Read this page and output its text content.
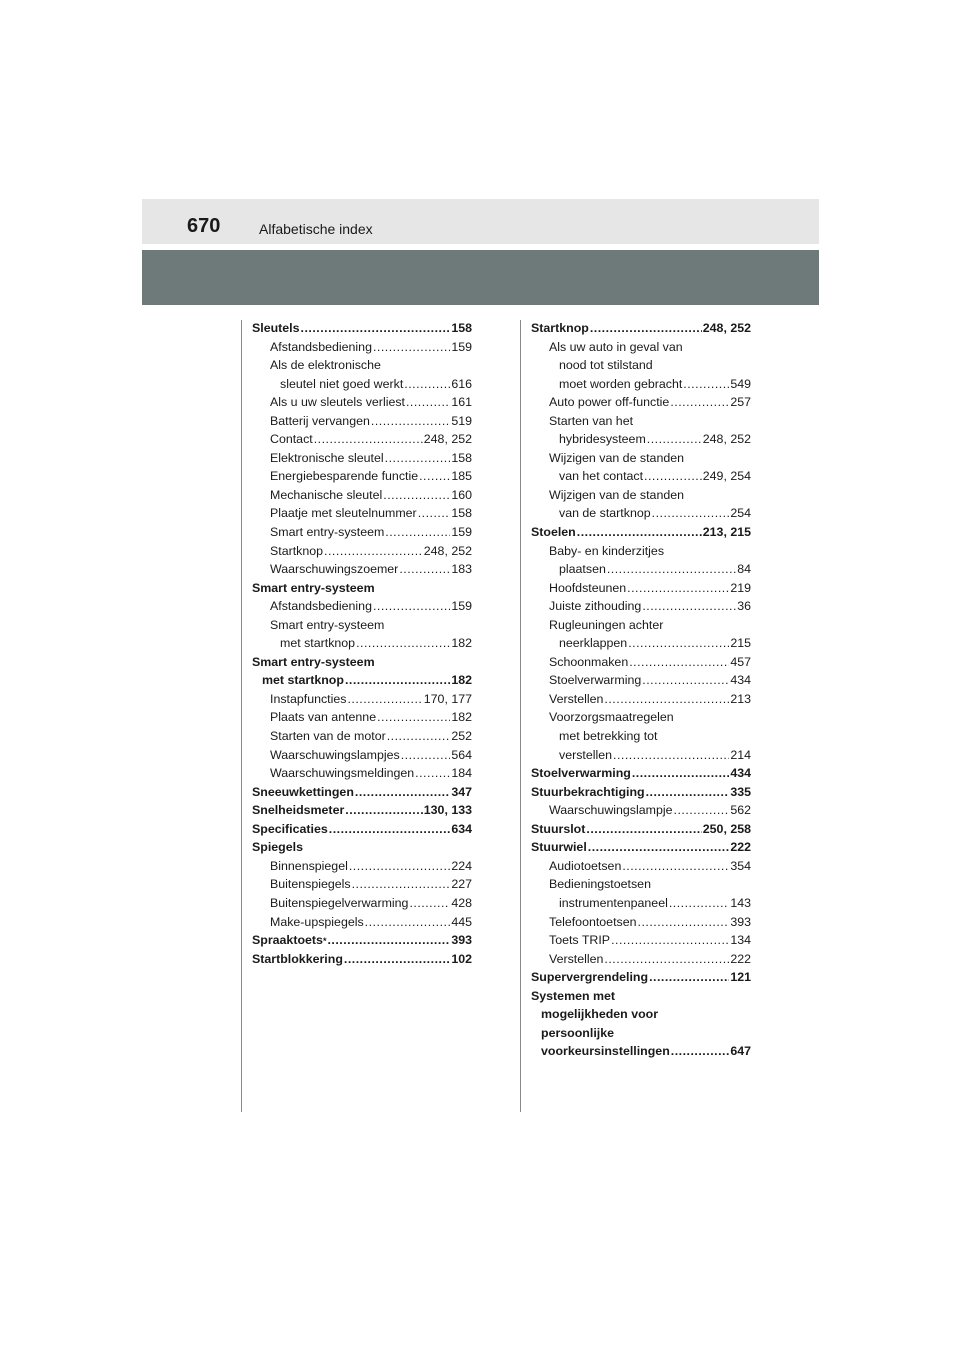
670	Alfabetische index
Sleutels .....	158
Afstandsbediening .....	159
Als de elektronische
sleutel niet goed werkt .....	616
Als u uw sleutels verliest .....	161
Batterij vervangen .....	519
Contact .....	248, 252
Elektronische sleutel .....	158
Energiebesparende functie .....	185
Mechanische sleutel .....	160
Plaatje met sleutelnummer .....	158
Smart entry-systeem .....	159
Startknop .....	248, 252
Waarschuwingszoemer .....	183
Smart entry-systeem
Afstandsbediening .....	159
Smart entry-systeem
met startknop .....	182
Smart entry-systeem
met startknop .....	182
Instapfuncties .....	170, 177
Plaats van antenne .....	182
Starten van de motor .....	252
Waarschuwingslampjes .....	564
Waarschuwingsmeldingen .....	184
Sneeuwkettingen .....	347
Snelheidsmeter .....	130, 133
Specificaties .....	634
Spiegels
Binnenspiegel .....	224
Buitenspiegels .....	227
Buitenspiegelverwarming .....	428
Make-upspiegels .....	445
Spraaktoets * .....	393
Startblokkering .....	102
Startknop .....	248, 252
Als uw auto in geval van
nood tot stilstand
moet worden gebracht .....	549
Auto power off-functie .....	257
Starten van het
hybridesysteem .....	248, 252
Wijzigen van de standen
van het contact .....	249, 254
Wijzigen van de standen
van de startknop .....	254
Stoelen .....	213, 215
Baby- en kinderzitjes
plaatsen .....	84
Hoofdsteunen .....	219
Juiste zithouding .....	36
Rugleuningen achter
neerklappen .....	215
Schoonmaken .....	457
Stoelverwarming .....	434
Verstellen .....	213
Voorzorgsmaatregelen
met betrekking tot
verstellen .....	214
Stoelverwarming .....	434
Stuurbekrachtiging .....	335
Waarschuwingslampje .....	562
Stuurslot .....	250, 258
Stuurwiel .....	222
Audiotoetsen .....	354
Bedieningstoetsen
instrumentenpaneel .....	143
Telefoontoetsen .....	393
Toets TRIP .....	134
Verstellen .....	222
Supervergrendeling .....	121
Systemen met
mogelijkheden voor
persoonlijke
voorkeursinstellingen .....	647
